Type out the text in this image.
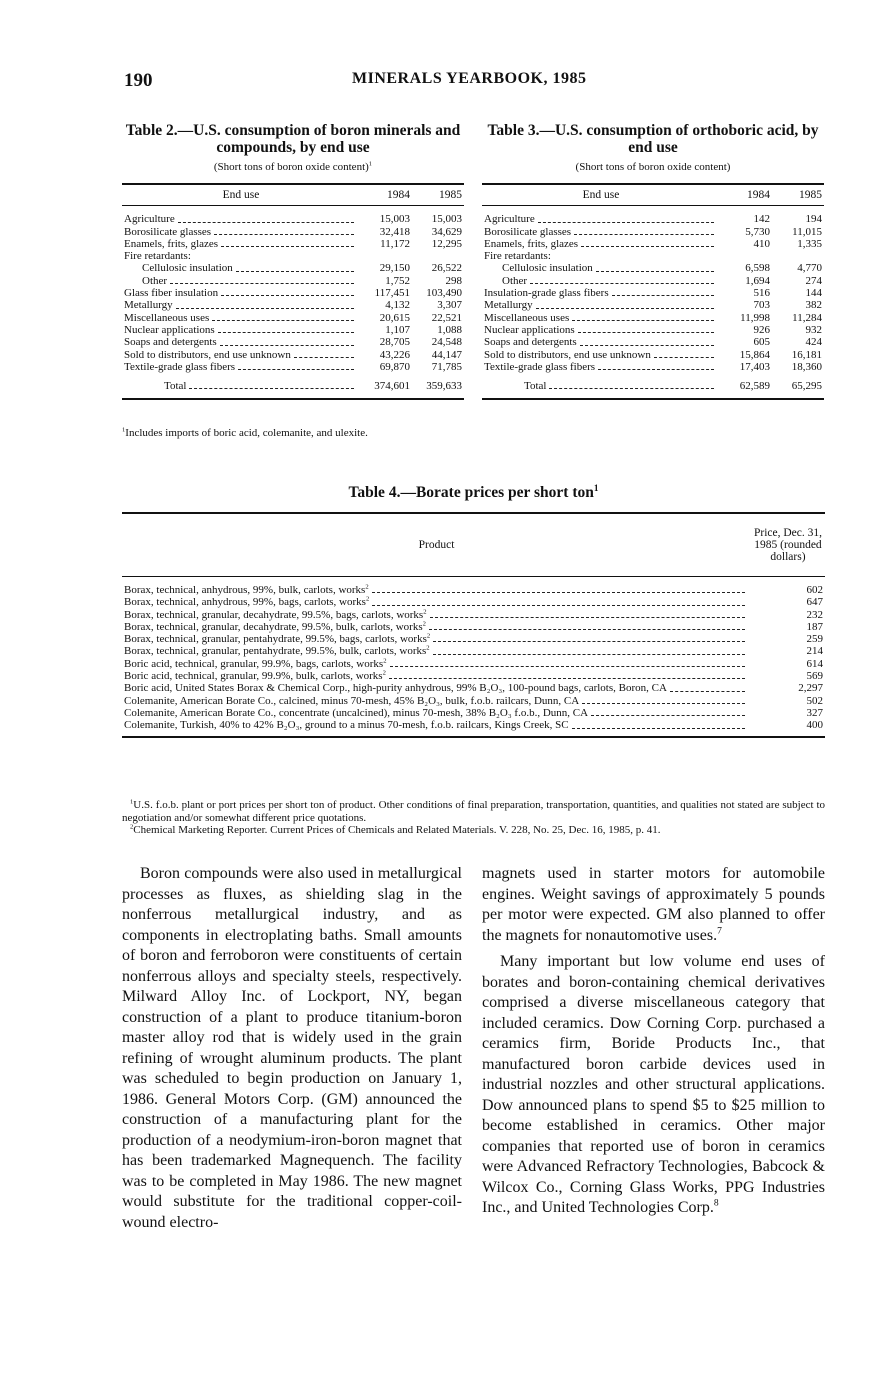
190	MINERALS YEARBOOK, 1985
Table 2.—U.S. consumption of boron minerals and compounds, by end use
(Short tons of boron oxide content)$^1$
End use	1984	1985

Agriculture	15,003	15,003

Borosilicate glasses	32,418	34,629

Enamels, frits, glazes	11,172	12,295
Fire retardants:		

Cellulosic insulation	29,150	26,522

Other	1,752	298

Glass fiber insulation	117,451	103,490

Metallurgy	4,132	3,307

Miscellaneous uses	20,615	22,521

Nuclear applications	1,107	1,088

Soaps and detergents	28,705	24,548

Sold to distributors, end use unknown	43,226	44,147

Textile-grade glass fibers	69,870	71,785

Total	374,601	359,633
Table 3.—U.S. consumption of orthoboric acid, by end use
(Short tons of boron oxide content)
End use	1984	1985

Agriculture	142	194

Borosilicate glasses	5,730	11,015

Enamels, frits, glazes	410	1,335
Fire retardants:		

Cellulosic insulation	6,598	4,770

Other	1,694	274

Insulation-grade glass fibers	516	144

Metallurgy	703	382

Miscellaneous uses	11,998	11,284

Nuclear applications	926	932

Soaps and detergents	605	424

Sold to distributors, end use unknown	15,864	16,181

Textile-grade glass fibers	17,403	18,360

Total	62,589	65,295
$^1$Includes imports of boric acid, colemanite, and ulexite.
Table 4.—Borate prices per short ton$^1$
Product	Price, Dec. 31, 1985 (rounded dollars)

Borax, technical, anhydrous, 99%, bulk, carlots, works$^2$	602

Borax, technical, anhydrous, 99%, bags, carlots, works$^2$	647

Borax, technical, granular, decahydrate, 99.5%, bags, carlots, works$^2$	232

Borax, technical, granular, decahydrate, 99.5%, bulk, carlots, works$^2$	187

Borax, technical, granular, pentahydrate, 99.5%, bags, carlots, works$^2$	259

Borax, technical, granular, pentahydrate, 99.5%, bulk, carlots, works$^2$	214

Boric acid, technical, granular, 99.9%, bags, carlots, works$^2$	614

Boric acid, technical, granular, 99.9%, bulk, carlots, works$^2$	569

Boric acid, United States Borax & Chemical Corp., high-purity anhydrous, 99% B₂O₃, 100-pound bags, carlots, Boron, CA	2,297

Colemanite, American Borate Co., calcined, minus 70-mesh, 45% B₂O₃, bulk, f.o.b. railcars, Dunn, CA	502

Colemanite, American Borate Co., concentrate (uncalcined), minus 70-mesh, 38% B₂O₃ f.o.b., Dunn, CA	327

Colemanite, Turkish, 40% to 42% B₂O₃, ground to a minus 70-mesh, f.o.b. railcars, Kings Creek, SC	400

$^1$U.S. f.o.b. plant or port prices per short ton of product. Other conditions of final preparation, transportation, quantities, and qualities not stated are subject to negotiation and/or somewhat different price quotations.

$^2$Chemical Marketing Reporter. Current Prices of Chemicals and Related Materials. V. 228, No. 25, Dec. 16, 1985, p. 41.

Boron compounds were also used in metallurgical processes as fluxes, as shielding slag in the nonferrous metallurgical industry, and as components in electroplating baths. Small amounts of boron and ferroboron were constituents of certain nonferrous alloys and specialty steels, respectively. Milward Alloy Inc. of Lockport, NY, began construction of a plant to produce titanium-boron master alloy rod that is widely used in the grain refining of wrought aluminum products. The plant was scheduled to begin production on January 1, 1986. General Motors Corp. (GM) announced the construction of a manufacturing plant for the production of a neodymium-iron-boron magnet that has been trademarked Magnequench. The facility was to be completed in May 1986. The new magnet would substitute for the traditional copper-coil-wound electro-

magnets used in starter motors for automobile engines. Weight savings of approximately 5 pounds per motor were expected. GM also planned to offer the magnets for nonautomotive uses.$^7$

Many important but low volume end uses of borates and boron-containing chemical derivatives comprised a diverse miscellaneous category that included ceramics. Dow Corning Corp. purchased a ceramics firm, Boride Products Inc., that manufactured boron carbide devices used in industrial nozzles and other structural applications. Dow announced plans to spend $5 to $25 million to become established in ceramics. Other major companies that reported use of boron in ceramics were Advanced Refractory Technologies, Babcock & Wilcox Co., Corning Glass Works, PPG Industries Inc., and United Technologies Corp.$^8$
